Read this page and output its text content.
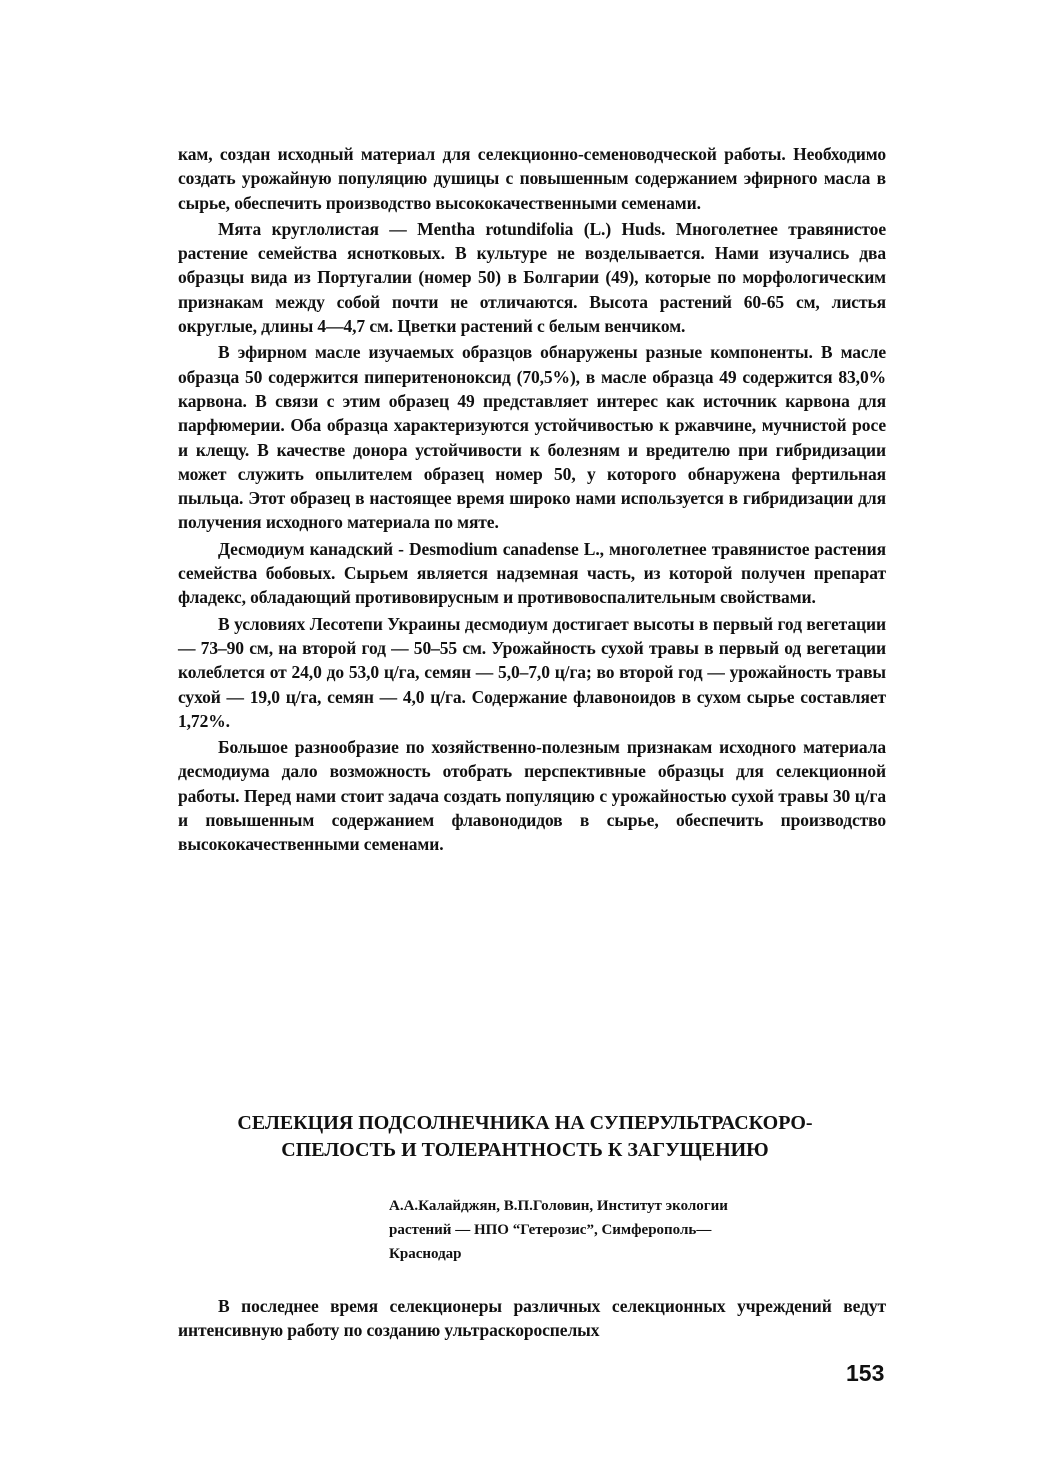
кам, создан исходный материал для селекционно-семеноводческой работы. Необходимо создать урожайную популяцию душицы с повышенным содержанием эфирного масла в сырье, обеспечить производство высококачественными семенами.

Мята круглолистая — Mentha rotundifolia (L.) Huds. Многолетнее травянистое растение семейства яснотковых. В культуре не возделывается. Нами изучались два образцы вида из Португалии (номер 50) в Болгарии (49), которые по морфологическим признакам между собой почти не отличаются. Высота растений 60-65 см, листья округлые, длины 4—4,7 см. Цветки растений с белым венчиком.

В эфирном масле изучаемых образцов обнаружены разные компоненты. В масле образца 50 содержится пиперитеноноксид (70,5%), в масле образца 49 содержится 83,0% карвона. В связи с этим образец 49 представляет интерес как источник карвона для парфюмерии. Оба образца характеризуются устойчивостью к ржавчине, мучнистой росе и клещу. В качестве донора устойчивости к болезням и вредителю при гибридизации может служить опылителем образец номер 50, у которого обнаружена фертильная пыльца. Этот образец в настоящее время широко нами используется в гибридизации для получения исходного материала по мяте.

Десмодиум канадский - Desmodium canadense L., многолетнее травянистое растения семейства бобовых. Сырьем является надземная часть, из которой получен препарат фладекс, обладающий противовирусным и противовоспалительным свойствами.

В условиях Лесотепи Украины десмодиум достигает высоты в первый год вегетации — 73–90 см, на второй год — 50–55 см. Урожайность сухой травы в первый од вегетации колеблется от 24,0 до 53,0 ц/га, семян — 5,0–7,0 ц/га; во второй год — урожайность травы сухой — 19,0 ц/га, семян — 4,0 ц/га. Содержание флавоноидов в сухом сырье составляет 1,72%.

Большое разнообразие по хозяйственно-полезным признакам исходного материала десмодиума дало возможность отобрать перспективные образцы для селекционной работы. Перед нами стоит задача создать популяцию с урожайностью сухой травы 30 ц/га и повышенным содержанием флавонодидов в сырье, обеспечить производство высококачественными семенами.

СЕЛЕКЦИЯ ПОДСОЛНЕЧНИКА НА СУПЕРУЛЬТРАСКОРО-
СПЕЛОСТЬ И ТОЛЕРАНТНОСТЬ К ЗАГУЩЕНИЮ

А.А.Калайджян, В.П.Головин, Институт экологии
растений — НПО “Гетерозис”, Симферополь—
Краснодар

В последнее время селекционеры различных селекционных учреждений ведут интенсивную работу по созданию ультраскороспелых

153
